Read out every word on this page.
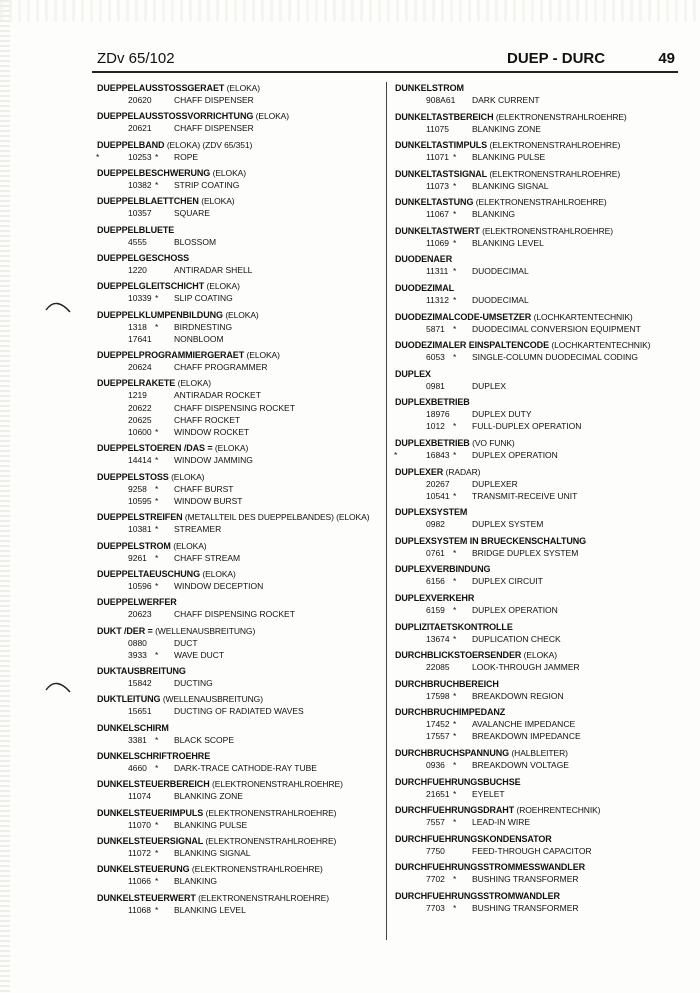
ZDv 65/102	DUEP - DURC	49
DUEPPELAUSSTOSSGERAET (ELOKA)
20620	CHAFF DISPENSER
DUEPPELAUSSTOSSVORRICHTUNG (ELOKA)
20621	CHAFF DISPENSER
DUEPPELBAND (ELOKA) (ZDV 65/351)
*	10253 * ROPE
DUEPPELBESCHWERUNG (ELOKA)
10382 * STRIP COATING
DUEPPELBLAETTCHEN (ELOKA)
10357	SQUARE
DUEPPELBLUETE
4555	BLOSSOM
DUEPPELGESCHOSS
1220	ANTIRADAR SHELL
DUEPPELGLEITSCHICHT (ELOKA)
10339 * SLIP COATING
DUEPPELKLUMPENBILDUNG (ELOKA)
1318 * BIRDNESTING
17641	NONBLOOM
DUEPPELPROGRAMMIERGERAET (ELOKA)
20624	CHAFF PROGRAMMER
DUEPPELRAKETE (ELOKA)
1219	ANTIRADAR ROCKET
20622	CHAFF DISPENSING ROCKET
20625	CHAFF ROCKET
10600 * WINDOW ROCKET
DUEPPELSTOEREN /DAS = (ELOKA)
14414 * WINDOW JAMMING
DUEPPELSTOSS (ELOKA)
9258 * CHAFF BURST
10595 * WINDOW BURST
DUEPPELSTREIFEN (METALLTEIL DES DUEPPELBANDES) (ELOKA)
10381 * STREAMER
DUEPPELSTROM (ELOKA)
9261 * CHAFF STREAM
DUEPPELTAEUSCHUNG (ELOKA)
10596 * WINDOW DECEPTION
DUEPPELWERFER
20623	CHAFF DISPENSING ROCKET
DUKT /DER = (WELLENAUSBREITUNG)
0880	DUCT
3933 * WAVE DUCT
DUKTAUSBREITUNG
15842	DUCTING
DUKTLEITUNG (WELLENAUSBREITUNG)
15651	DUCTING OF RADIATED WAVES
DUNKELSCHIRM
3381 * BLACK SCOPE
DUNKELSCHRIFTROEHRE
4660 * DARK-TRACE CATHODE-RAY TUBE
DUNKELSTEUERBEREICH (ELEKTRONENSTRAHLROEHRE)
11074	BLANKING ZONE
DUNKELSTEUERIMPULS (ELEKTRONENSTRAHLROEHRE)
11070 * BLANKING PULSE
DUNKELSTEUERSIGNAL (ELEKTRONENSTRAHLROEHRE)
11072 * BLANKING SIGNAL
DUNKELSTEUERUNG (ELEKTRONENSTRAHLROEHRE)
11066 * BLANKING
DUNKELSTEUERWERT (ELEKTRONENSTRAHLROEHRE)
11068 * BLANKING LEVEL
DUNKELSTROM
908A61 DARK CURRENT
DUNKELTASTBEREICH (ELEKTRONENSTRAHLROEHRE)
11075	BLANKING ZONE
DUNKELTASTIMPULS (ELEKTRONENSTRAHLROEHRE)
11071 * BLANKING PULSE
DUNKELTASTSIGNAL (ELEKTRONENSTRAHLROEHRE)
11073 * BLANKING SIGNAL
DUNKELTASTUNG (ELEKTRONENSTRAHLROEHRE)
11067 * BLANKING
DUNKELTASTWERT (ELEKTRONENSTRAHLROEHRE)
11069 * BLANKING LEVEL
DUODENAER
11311 * DUODECIMAL
DUODEZIMAL
11312 * DUODECIMAL
DUODEZIMALCODE-UMSETZER (LOCHKARTENTECHNIK)
5871 * DUODECIMAL CONVERSION EQUIPMENT
DUODEZIMALER EINSPALTENCODE (LOCHKARTENTECHNIK)
6053 * SINGLE-COLUMN DUODECIMAL CODING
DUPLEX
0981	DUPLEX
DUPLEXBETRIEB
18976	DUPLEX DUTY
1012 * FULL-DUPLEX OPERATION
DUPLEXBETRIEB (VO FUNK)
*	16843 * DUPLEX OPERATION
DUPLEXER (RADAR)
20267	DUPLEXER
10541 * TRANSMIT-RECEIVE UNIT
DUPLEXSYSTEM
0982	DUPLEX SYSTEM
DUPLEXSYSTEM IN BRUECKENSCHALTUNG
0761 * BRIDGE DUPLEX SYSTEM
DUPLEXVERBINDUNG
6156 * DUPLEX CIRCUIT
DUPLEXVERKEHR
6159 * DUPLEX OPERATION
DUPLIZITAETSKONTROLLE
13674 * DUPLICATION CHECK
DURCHBLICKSTOERSENDER (ELOKA)
22085	LOOK-THROUGH JAMMER
DURCHBRUCHBEREICH
17598 * BREAKDOWN REGION
DURCHBRUCHIMPEDANZ
17452 * AVALANCHE IMPEDANCE
17557 * BREAKDOWN IMPEDANCE
DURCHBRUCHSPANNUNG (HALBLEITER)
0936 * BREAKDOWN VOLTAGE
DURCHFUEHRUNGSBUCHSE
21651 * EYELET
DURCHFUEHRUNGSDRAHT (ROEHRENTECHNIK)
7557 * LEAD-IN WIRE
DURCHFUEHRUNGSKONDENSATOR
7750	FEED-THROUGH CAPACITOR
DURCHFUEHRUNGSSTROMMESSWANDLER
7702 * BUSHING TRANSFORMER
DURCHFUEHRUNGSSTROMWANDLER
7703 * BUSHING TRANSFORMER
